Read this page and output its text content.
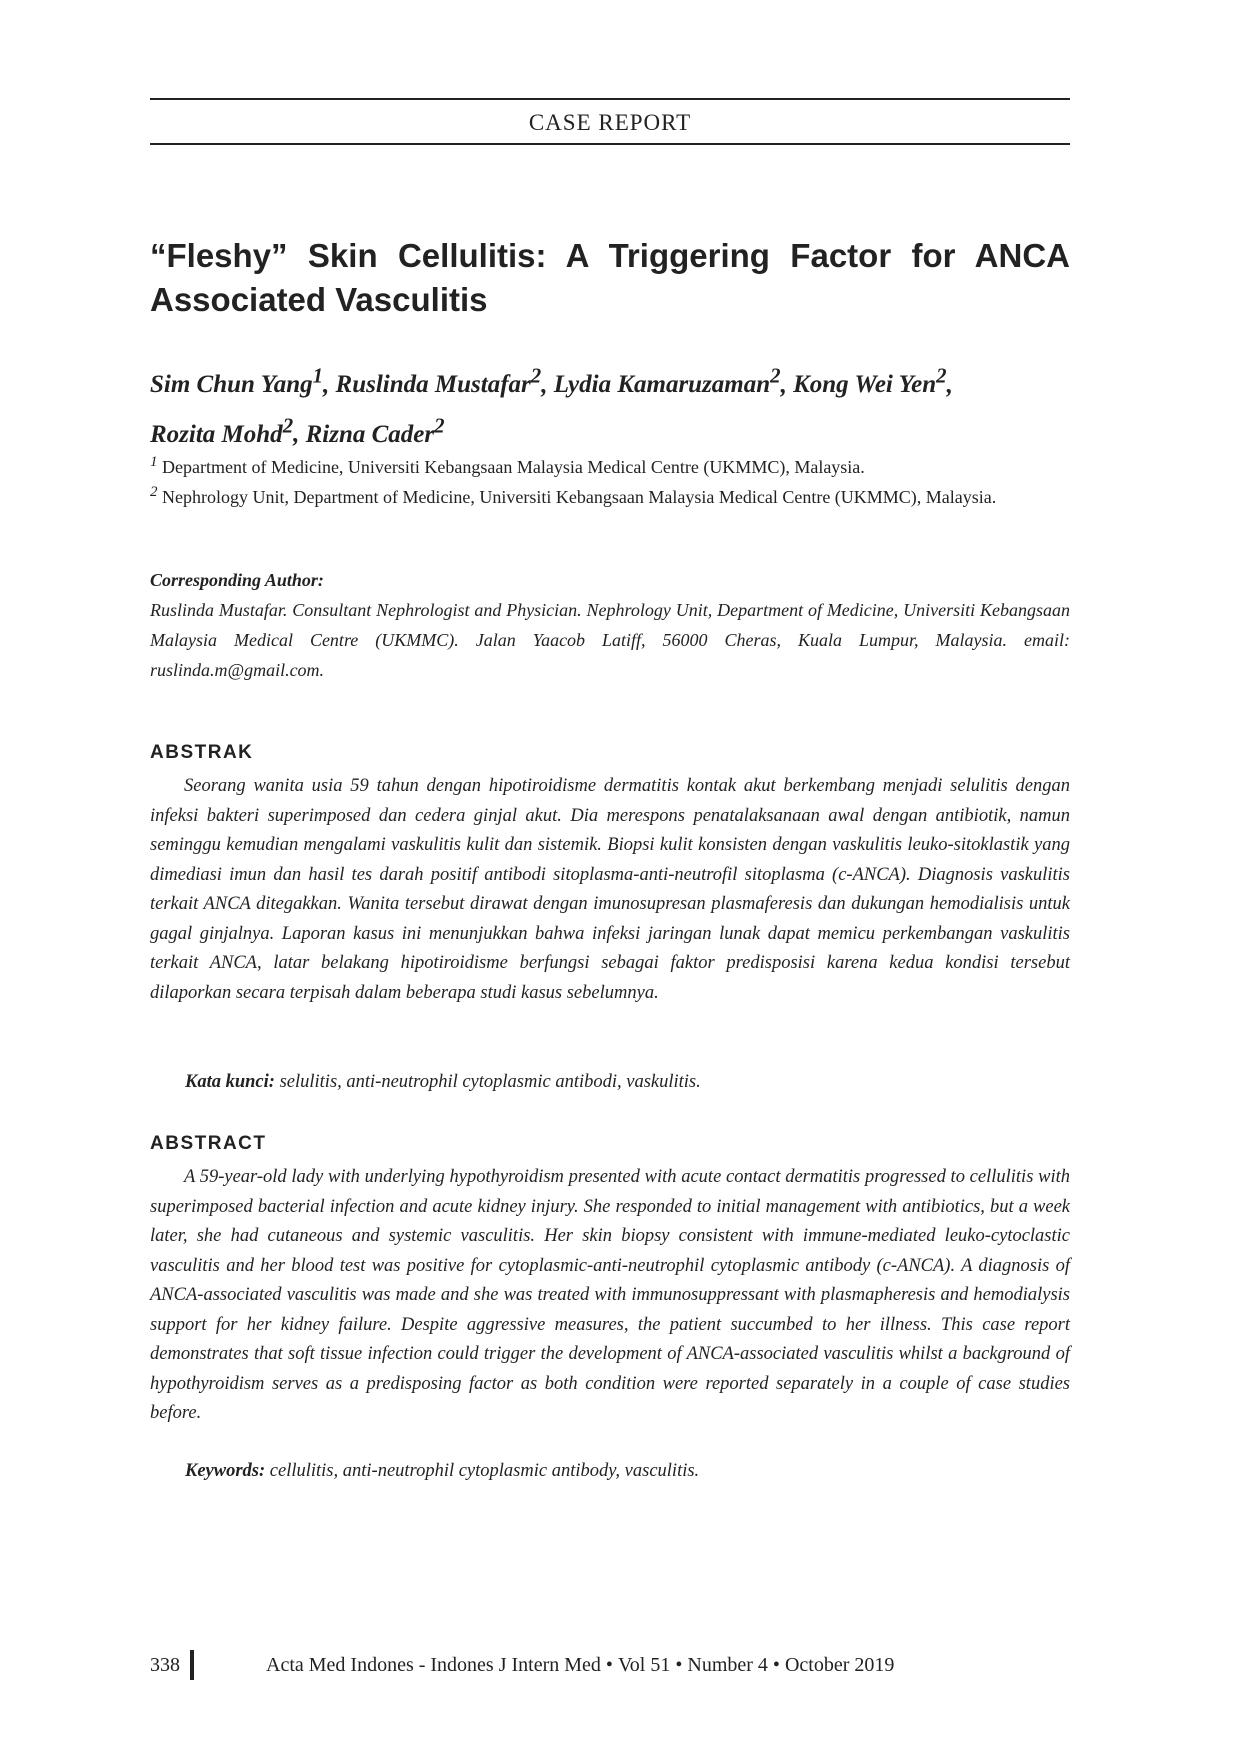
CASE REPORT
“Fleshy” Skin Cellulitis: A Triggering Factor for ANCA Associated Vasculitis
Sim Chun Yang$^1$, Ruslinda Mustafar$^2$, Lydia Kamaruzaman$^2$, Kong Wei Yen$^2$,
Rozita Mohd$^2$, Rizna Cader$^2$
$^1$ Department of Medicine, Universiti Kebangsaan Malaysia Medical Centre (UKMMC), Malaysia.
$^2$ Nephrology Unit, Department of Medicine, Universiti Kebangsaan Malaysia Medical Centre (UKMMC), Malaysia.
Corresponding Author:
Ruslinda Mustafar. Consultant Nephrologist and Physician. Nephrology Unit, Department of Medicine, Universiti Kebangsaan Malaysia Medical Centre (UKMMC). Jalan Yaacob Latiff, 56000 Cheras, Kuala Lumpur, Malaysia. email: ruslinda.m@gmail.com.
ABSTRAK
Seorang wanita usia 59 tahun dengan hipotiroidisme dermatitis kontak akut berkembang menjadi selulitis dengan infeksi bakteri superimposed dan cedera ginjal akut. Dia merespons penatalaksanaan awal dengan antibiotik, namun seminggu kemudian mengalami vaskulitis kulit dan sistemik. Biopsi kulit konsisten dengan vaskulitis leuko-sitoklastik yang dimediasi imun dan hasil tes darah positif antibodi sitoplasma-anti-neutrofil sitoplasma (c-ANCA). Diagnosis vaskulitis terkait ANCA ditegakkan. Wanita tersebut dirawat dengan imunosupresan plasmaferesis dan dukungan hemodialisis untuk gagal ginjalnya. Laporan kasus ini menunjukkan bahwa infeksi jaringan lunak dapat memicu perkembangan vaskulitis terkait ANCA, latar belakang hipotiroidisme berfungsi sebagai faktor predisposisi karena kedua kondisi tersebut dilaporkan secara terpisah dalam beberapa studi kasus sebelumnya.
Kata kunci: selulitis, anti-neutrophil cytoplasmic antibodi, vaskulitis.
ABSTRACT
A 59-year-old lady with underlying hypothyroidism presented with acute contact dermatitis progressed to cellulitis with superimposed bacterial infection and acute kidney injury. She responded to initial management with antibiotics, but a week later, she had cutaneous and systemic vasculitis. Her skin biopsy consistent with immune-mediated leuko-cytoclastic vasculitis and her blood test was positive for cytoplasmic-anti-neutrophil cytoplasmic antibody (c-ANCA). A diagnosis of ANCA-associated vasculitis was made and she was treated with immunosuppressant with plasmapheresis and hemodialysis support for her kidney failure. Despite aggressive measures, the patient succumbed to her illness. This case report demonstrates that soft tissue infection could trigger the development of ANCA-associated vasculitis whilst a background of hypothyroidism serves as a predisposing factor as both condition were reported separately in a couple of case studies before.
Keywords: cellulitis, anti-neutrophil cytoplasmic antibody, vasculitis.
338	Acta Med Indones - Indones J Intern Med • Vol 51 • Number 4 • October 2019
